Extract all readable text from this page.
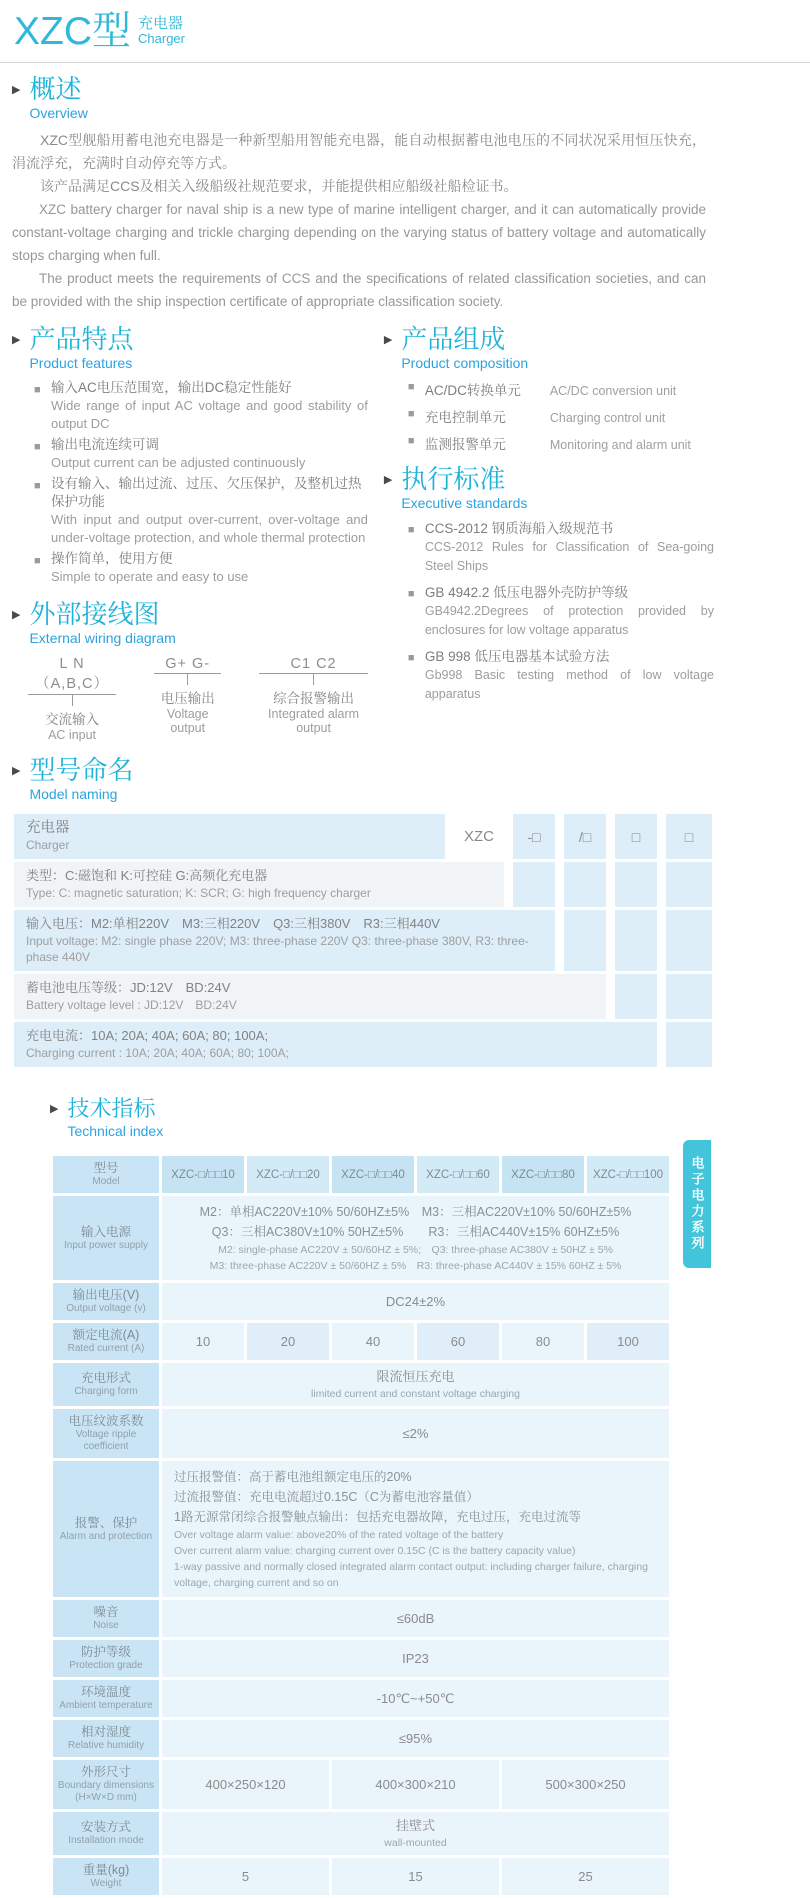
XZC型 充电器
Charger
▶ 概述
Overview

XZC型舰船用蓄电池充电器是一种新型船用智能充电器，能自动根据蓄电池电压的不同状况采用恒压快充，涓流浮充，充满时自动停充等方式。

该产品满足CCS及相关入级船级社规范要求，并能提供相应船级社船检证书。

XZC battery charger for naval ship is a new type of marine intelligent charger, and it can automatically provide constant-voltage charging and trickle charging depending on the varying status of battery voltage and automatically stops charging when full.

The product meets the requirements of CCS and the specifications of related classification societies, and can be provided with the ship inspection certificate of appropriate classification society.

▶ 产品特点
Product features
■ 输入AC电压范围宽，输出DC稳定性能好
Wide range of input AC voltage and good stability of output DC
■ 输出电流连续可调
Output current can be adjusted continuously
■ 设有输入、输出过流、过压、欠压保护，及整机过热保护功能
With input and output over-current, over-voltage and under-voltage protection, and whole thermal protection
■ 操作简单，使用方便
Simple to operate and easy to use
▶ 外部接线图
External wiring diagram
L N（A,B,C）
交流输入
AC input
G+ G-
电压输出
Voltage output
C1 C2
综合报警输出
Integrated alarm output
▶ 产品组成
Product composition
■ AC/DC转换单元	AC/DC conversion unit
■ 充电控制单元	Charging control unit
■ 监测报警单元	Monitoring and alarm unit
▶ 执行标准
Executive standards
■ CCS-2012 钢质海船入级规范书
CCS-2012 Rules for Classification of Sea-going Steel Ships
■ GB 4942.2 低压电器外壳防护等级
GB4942.2Degrees of protection provided by enclosures for low voltage apparatus
■ GB 998 低压电器基本试验方法
Gb998 Basic testing method of low voltage apparatus
▶ 型号命名
Model naming
充电器
Charger	XZC	-□	/□	□	□
类型：C:磁饱和 K:可控硅 G:高频化充电器
Type: C: magnetic saturation; K: SCR; G: high frequency charger
输入电压：M2:单相220V　M3:三相220V　Q3:三相380V　R3:三相440V
Input voltage: M2: single phase 220V; M3: three-phase 220V Q3: three-phase 380V, R3: three-phase 440V
蓄电池电压等级：JD:12V　BD:24V
Battery voltage level : JD:12V　BD:24V
充电电流：10A; 20A; 40A; 60A; 80; 100A;
Charging current : 10A; 20A; 40A; 60A; 80; 100A;
▶ 技术指标
Technical index
型号
Model	XZC-□/□□10	XZC-□/□□20	XZC-□/□□40	XZC-□/□□60	XZC-□/□□80	XZC-□/□□100

输入电源
Input power supply

M2：单相AC220V±10% 50/60HZ±5%　M3：三相AC220V±10% 50/60HZ±5%
Q3：三相AC380V±10% 50HZ±5%　　R3：三相AC440V±15% 60HZ±5%
M2: single-phase AC220V ± 50/60HZ ± 5%;　Q3: three-phase AC380V ± 50HZ ± 5%
M3: three-phase AC220V ± 50/60HZ ± 5%　R3: three-phase AC440V ± 15% 60HZ ± 5%

输出电压(V)
Output voltage (v)	DC24±2%					

额定电流(A)
Rated current (A)	10	20	40	60	80	100

充电形式
Charging form

限流恒压充电
limited current and constant voltage charging

电压纹波系数
Voltage ripple coefficient	≤2%					

报警、保护
Alarm and protection

过压报警值：高于蓄电池组额定电压的20%
过流报警值：充电电流超过0.15C（C为蓄电池容量值）
1路无源常闭综合报警触点输出：包括充电器故障，充电过压，充电过流等
Over voltage alarm value: above20% of the rated voltage of the battery
Over current alarm value: charging current over 0.15C (C is the battery capacity value)
1-way passive and normally closed integrated alarm contact output: including charger failure, charging voltage, charging current and so on

噪音
Noise	≤60dB					

防护等级
Protection grade	IP23					

环境温度
Ambient temperature	-10℃~+50℃					

相对湿度
Relative humidity	≤95%					

外形尺寸
Boundary dimensions
(H×W×D mm)	400×250×120		400×300×210		500×300×250	

安装方式
Installation mode

挂壁式
wall-mounted

重量(kg)
Weight	5		15		25	
电子电力系列
